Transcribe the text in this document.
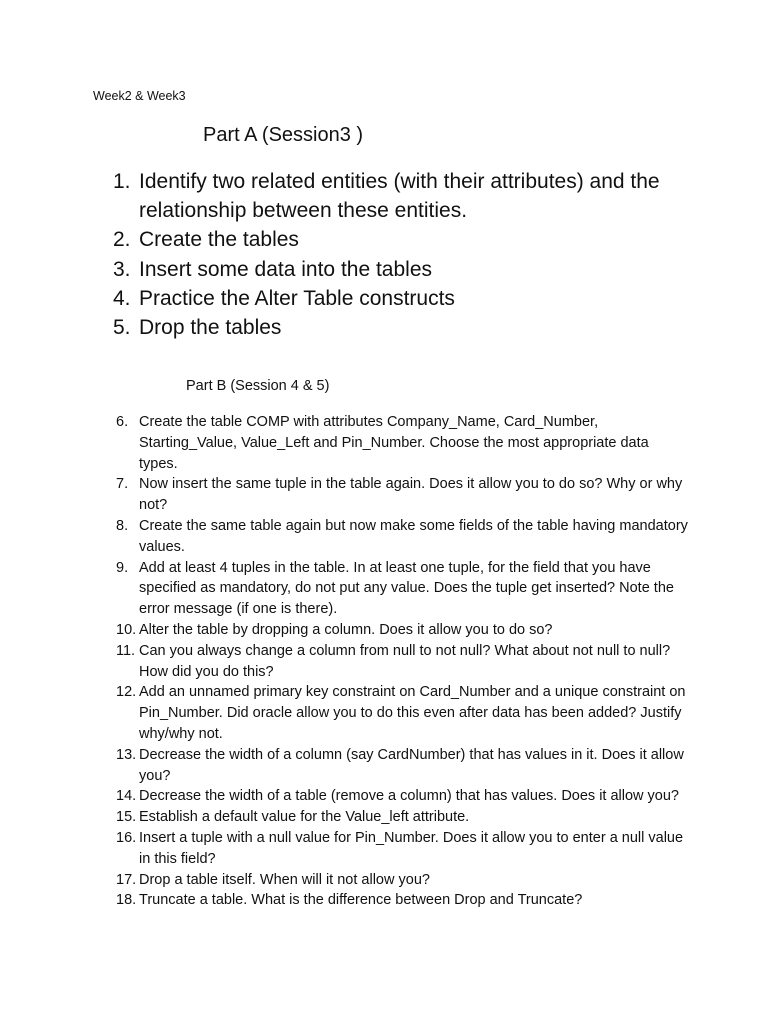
Week2 & Week3
Part A (Session3 )
1. Identify two related entities (with their attributes) and the relationship between these entities.
2. Create the tables
3. Insert some data into the tables
4. Practice the Alter Table constructs
5. Drop the tables
Part B (Session 4 & 5)
6. Create the table COMP with attributes Company_Name, Card_Number, Starting_Value, Value_Left and Pin_Number. Choose the most appropriate data types.
7. Now insert the same tuple in the table again. Does it allow you to do so? Why or why not?
8. Create the same table again but now make some fields of the table having mandatory values.
9. Add at least 4 tuples in the table. In at least one tuple, for the field that you have specified as mandatory, do not put any value. Does the tuple get inserted? Note the error message (if one is there).
10. Alter the table by dropping a column. Does it allow you to do so?
11. Can you always change a column from null to not null? What about not null to null? How did you do this?
12. Add an unnamed primary key constraint on Card_Number and a unique constraint on Pin_Number. Did oracle allow you to do this even after data has been added? Justify why/why not.
13. Decrease the width of a column (say CardNumber) that has values in it. Does it allow you?
14. Decrease the width of a table (remove a column) that has values. Does it allow you?
15. Establish a default value for the Value_left attribute.
16. Insert a tuple with a null value for Pin_Number. Does it allow you to enter a null value in this field?
17. Drop a table itself. When will it not allow you?
18. Truncate a table. What is the difference between Drop and Truncate?
